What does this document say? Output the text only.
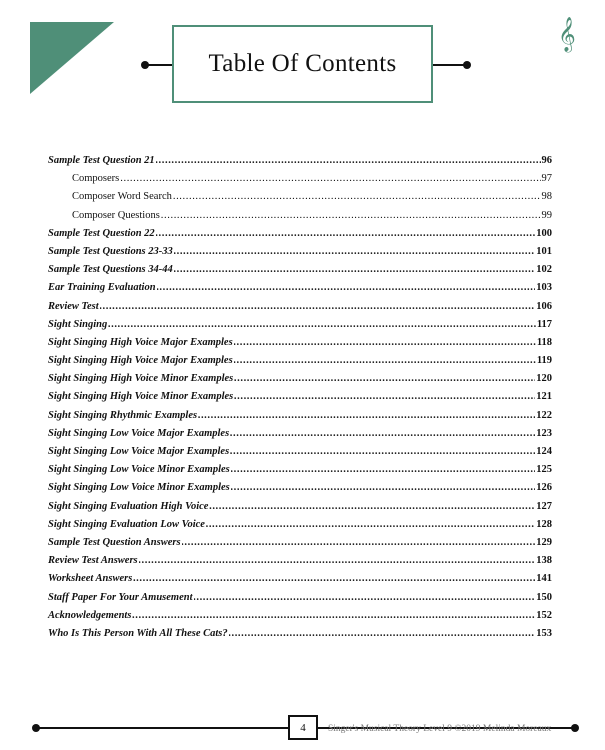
Table Of Contents
𝄞
Sample Test Question 21 .....	96
Composers .....	97
Composer Word Search .....	98
Composer Questions .....	99
Sample Test Question 22 .....	100
Sample Test Questions 23-33 .....	101
Sample Test Questions 34-44 .....	102
Ear Training Evaluation .....	103
Review Test .....	106
Sight Singing .....	117
Sight Singing High Voice Major Examples .....	118
Sight Singing High Voice Major Examples .....	119
Sight Singing High Voice Minor Examples .....	120
Sight Singing High Voice Minor Examples .....	121
Sight Singing Rhythmic Examples .....	122
Sight Singing Low Voice Major Examples .....	123
Sight Singing Low Voice Major Examples .....	124
Sight Singing Low Voice Minor Examples .....	125
Sight Singing Low Voice Minor Examples .....	126
Sight Singing Evaluation High Voice .....	127
Sight Singing Evaluation Low Voice .....	128
Sample Test Question Answers .....	129
Review Test Answers .....	138
Worksheet Answers .....	141
Staff Paper For Your Amusement .....	150
Acknowledgements .....	152
Who Is This Person With All These Cats? .....	153
4 Singer's Musical Theory Level 9 ©2019 Melinda Moreaux
